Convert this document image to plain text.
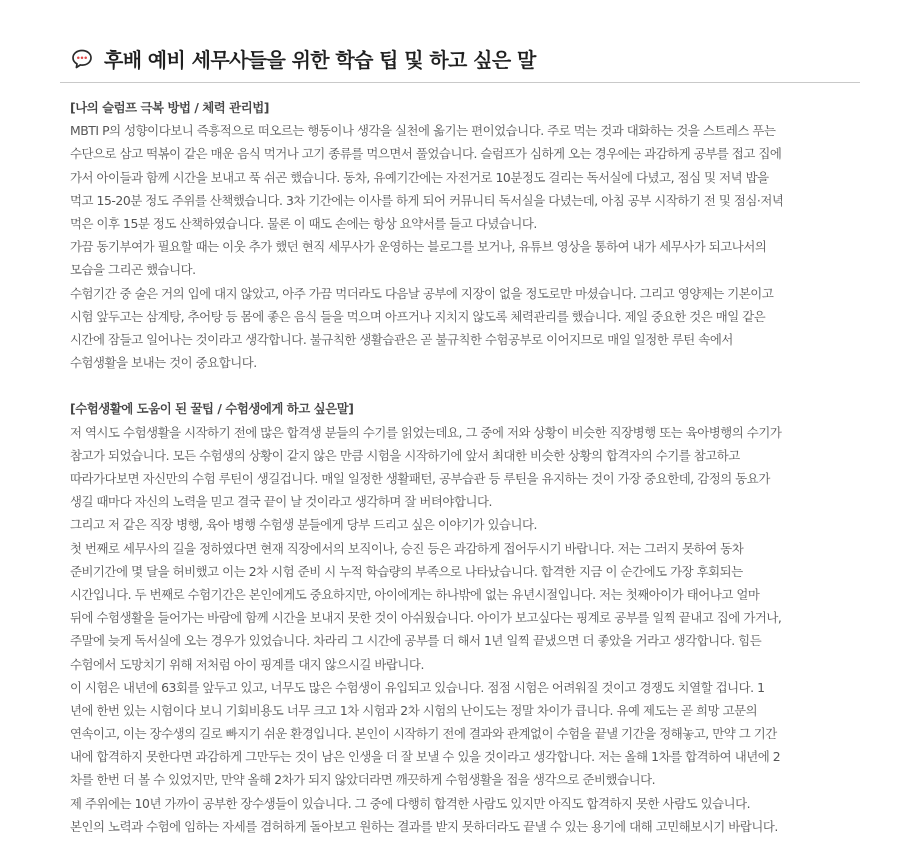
후배 예비 세무사들을 위한 학습 팁 및 하고 싶은 말
[나의 슬럼프 극복 방법 / 체력 관리법]
MBTI P의 성향이다보니 즉흥적으로 떠오르는 행동이나 생각을 실천에 옮기는 편이었습니다. 주로 먹는 것과 대화하는 것을 스트레스 푸는
수단으로 삼고 떡볶이 같은 매운 음식 먹거나 고기 종류를 먹으면서 풀었습니다. 슬럼프가 심하게 오는 경우에는 과감하게 공부를 접고 집에
가서 아이들과 함께 시간을 보내고 푹 쉬곤 했습니다. 동차, 유예기간에는 자전거로 10분정도 걸리는 독서실에 다녔고, 점심 및 저녁 밥을
먹고 15-20분 정도 주위를 산책했습니다. 3차 기간에는 이사를 하게 되어 커뮤니티 독서실을 다녔는데, 아침 공부 시작하기 전 및 점심·저녁
먹은 이후 15분 정도 산책하였습니다. 물론 이 때도 손에는 항상 요약서를 들고 다녔습니다.
가끔 동기부여가 필요할 때는 이웃 추가 했던 현직 세무사가 운영하는 블로그를 보거나, 유튜브 영상을 통하여 내가 세무사가 되고나서의
모습을 그리곤 했습니다.
수험기간 중 술은 거의 입에 대지 않았고, 아주 가끔 먹더라도 다음날 공부에 지장이 없을 정도로만 마셨습니다. 그리고 영양제는 기본이고
시험 앞두고는 삼계탕, 추어탕 등 몸에 좋은 음식 들을 먹으며 아프거나 지치지 않도록 체력관리를 했습니다. 제일 중요한 것은 매일 같은
시간에 잠들고 일어나는 것이라고 생각합니다. 불규칙한 생활습관은 곧 불규칙한 수험공부로 이어지므로 매일 일정한 루틴 속에서
수험생활을 보내는 것이 중요합니다.
[수험생활에 도움이 된 꿀팁 / 수험생에게 하고 싶은말]
저 역시도 수험생활을 시작하기 전에 많은 합격생 분들의 수기를 읽었는데요, 그 중에 저와 상황이 비슷한 직장병행 또는 육아병행의 수기가
참고가 되었습니다. 모든 수험생의 상황이 같지 않은 만큼 시험을 시작하기에 앞서 최대한 비슷한 상황의 합격자의 수기를 참고하고
따라가다보면 자신만의 수험 루틴이 생길겁니다. 매일 일정한 생활패턴, 공부습관 등 루틴을 유지하는 것이 가장 중요한데, 감정의 동요가
생길 때마다 자신의 노력을 믿고 결국 끝이 날 것이라고 생각하며 잘 버텨야합니다.
그리고 저 같은 직장 병행, 육아 병행 수험생 분들에게 당부 드리고 싶은 이야기가 있습니다.
첫 번째로 세무사의 길을 정하였다면 현재 직장에서의 보직이나, 승진 등은 과감하게 접어두시기 바랍니다. 저는 그러지 못하여 동차
준비기간에 몇 달을 허비했고 이는 2차 시험 준비 시 누적 학습량의 부족으로 나타났습니다. 합격한 지금 이 순간에도 가장 후회되는
시간입니다. 두 번째로 수험기간은 본인에게도 중요하지만, 아이에게는 하나밖에 없는 유년시절입니다. 저는 첫째아이가 태어나고 얼마
뒤에 수험생활을 들어가는 바람에 함께 시간을 보내지 못한 것이 아쉬웠습니다. 아이가 보고싶다는 핑계로 공부를 일찍 끝내고 집에 가거나,
주말에 늦게 독서실에 오는 경우가 있었습니다. 차라리 그 시간에 공부를 더 해서 1년 일찍 끝냈으면 더 좋았을 거라고 생각합니다. 힘든
수험에서 도망치기 위해 저처럼 아이 핑계를 대지 않으시길 바랍니다.
이 시험은 내년에 63회를 앞두고 있고, 너무도 많은 수험생이 유입되고 있습니다. 점점 시험은 어려워질 것이고 경쟁도 치열할 겁니다. 1
년에 한번 있는 시험이다 보니 기회비용도 너무 크고 1차 시험과 2차 시험의 난이도는 정말 차이가 큽니다. 유예 제도는 곧 희망 고문의
연속이고, 이는 장수생의 길로 빠지기 쉬운 환경입니다. 본인이 시작하기 전에 결과와 관계없이 수험을 끝낼 기간을 정해놓고, 만약 그 기간
내에 합격하지 못한다면 과감하게 그만두는 것이 남은 인생을 더 잘 보낼 수 있을 것이라고 생각합니다. 저는 올해 1차를 합격하여 내년에 2
차를 한번 더 볼 수 있었지만, 만약 올해 2차가 되지 않았더라면 깨끗하게 수험생활을 접을 생각으로 준비했습니다.
제 주위에는 10년 가까이 공부한 장수생들이 있습니다. 그 중에 다행히 합격한 사람도 있지만 아직도 합격하지 못한 사람도 있습니다.
본인의 노력과 수험에 임하는 자세를 겸허하게 돌아보고 원하는 결과를 받지 못하더라도 끝낼 수 있는 용기에 대해 고민해보시기 바랍니다.
